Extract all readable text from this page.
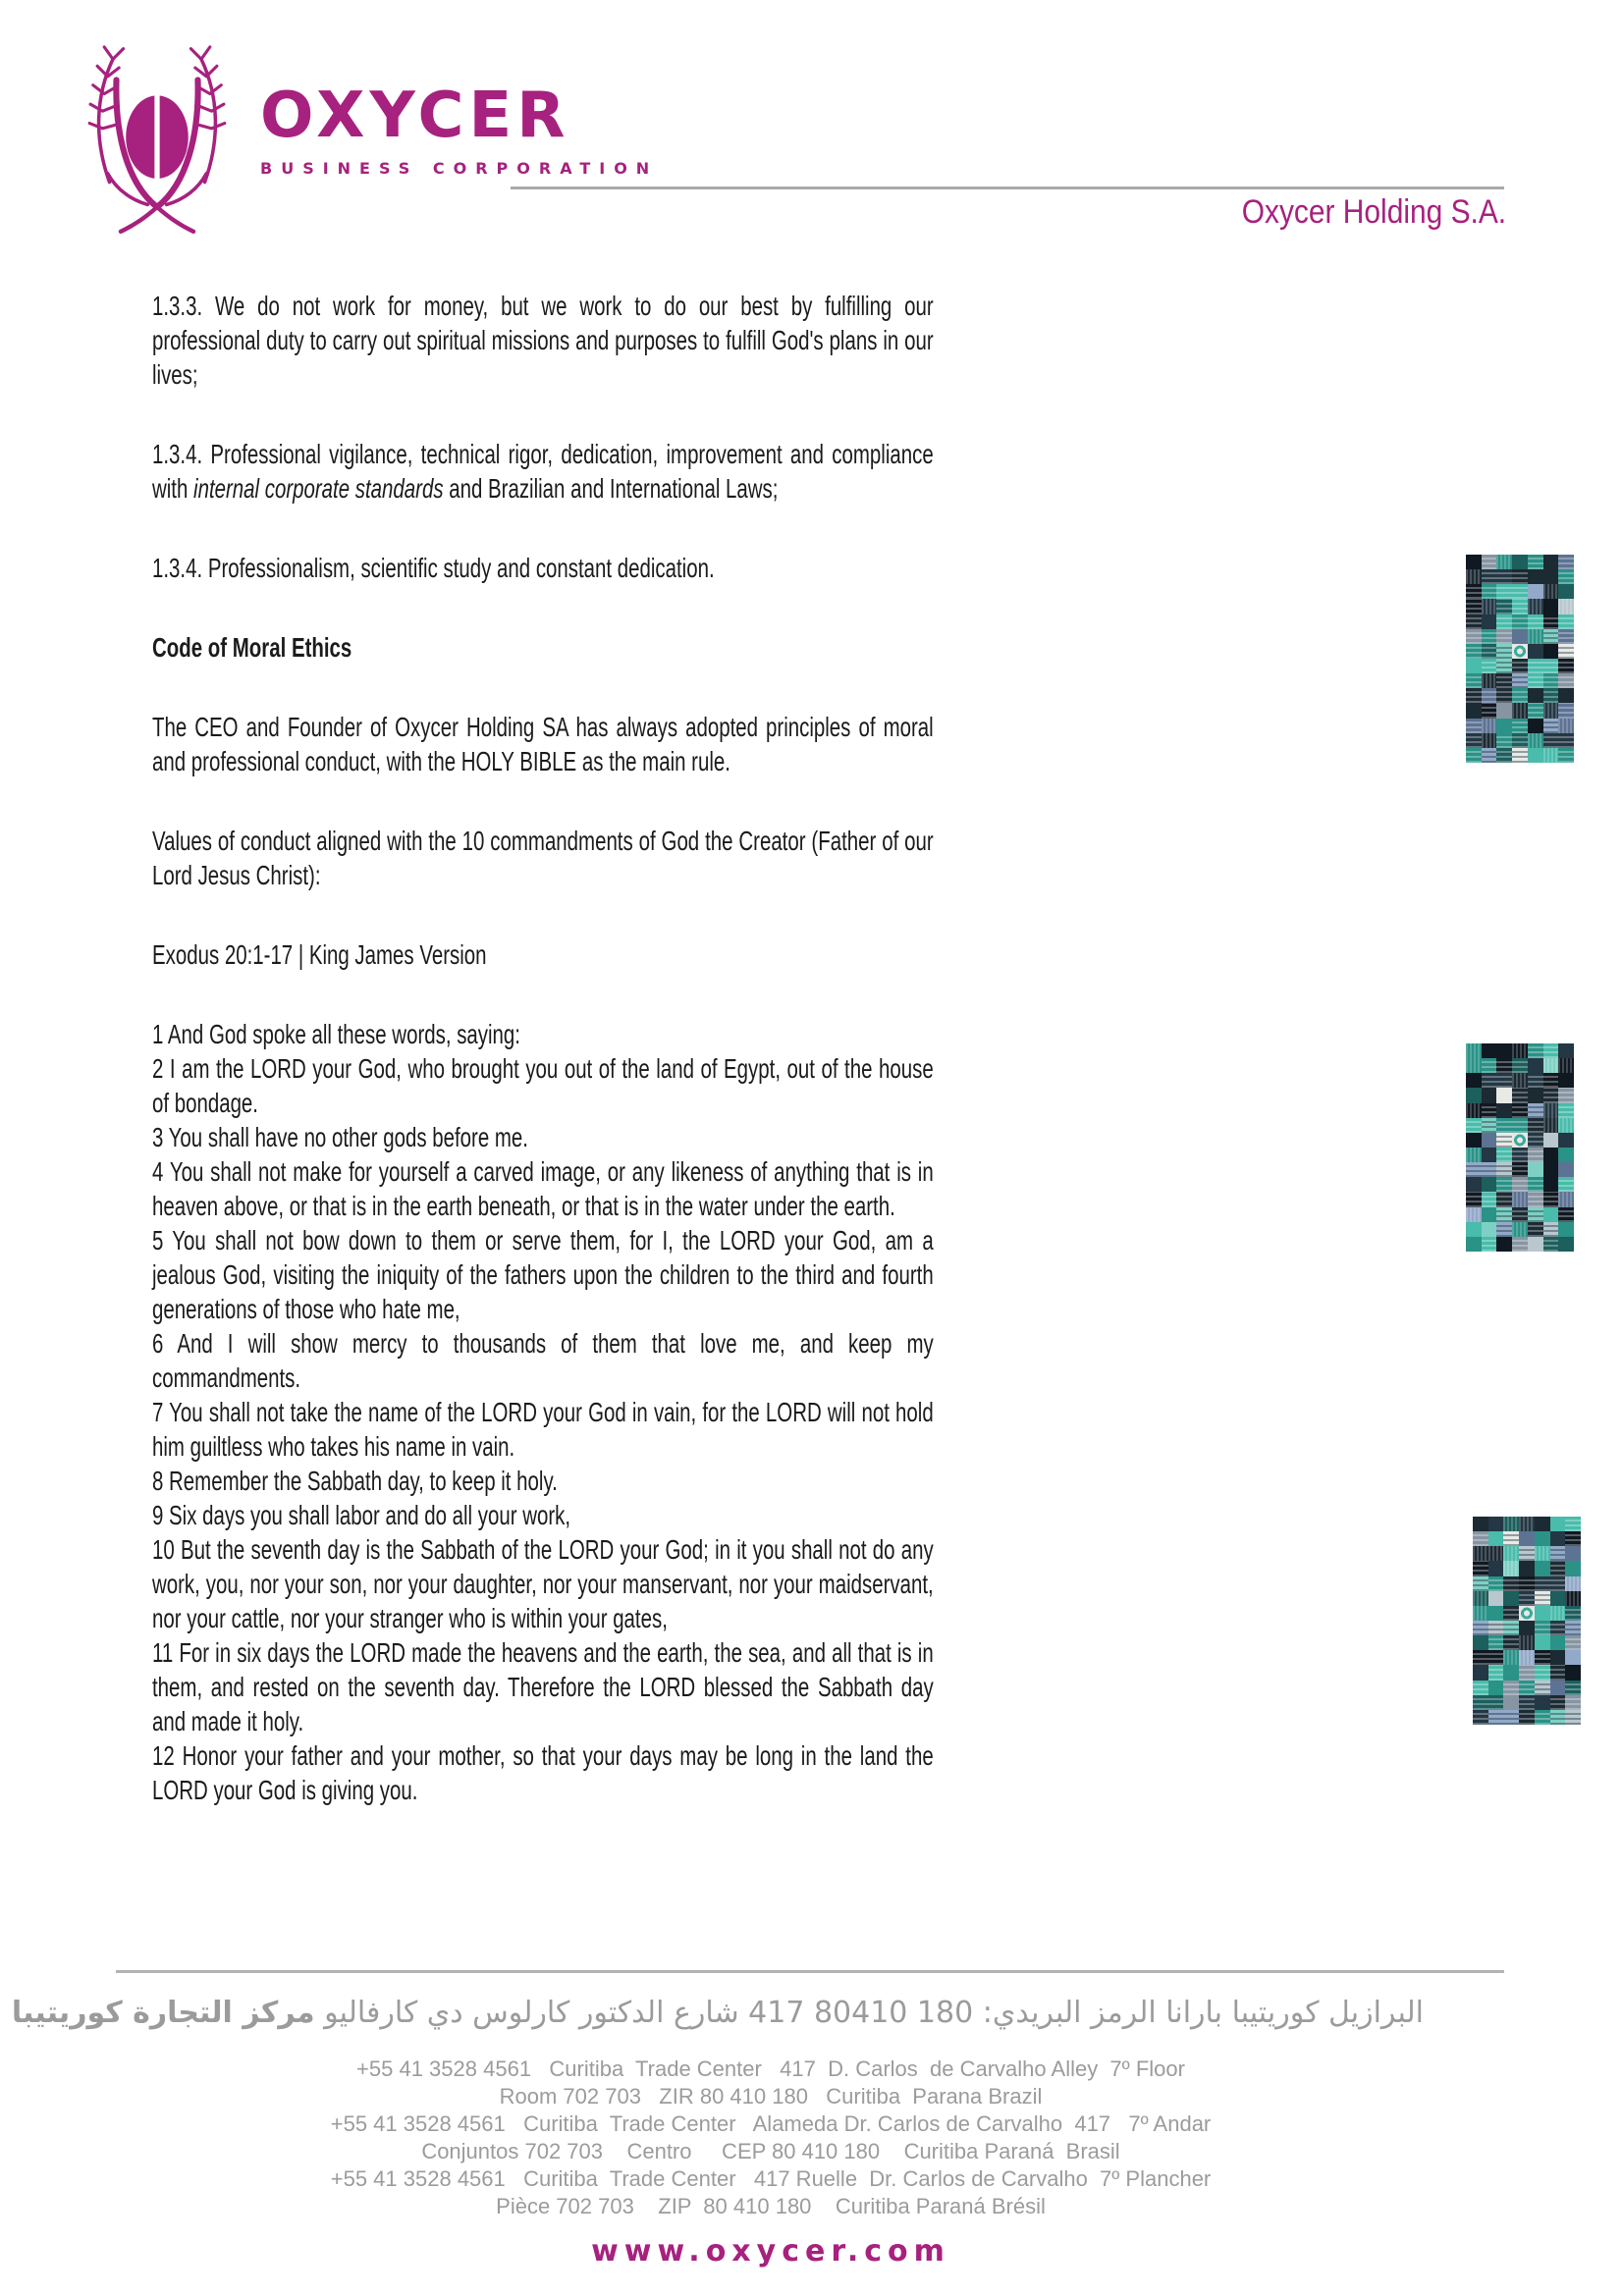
OXYCER
BUSINESS CORPORATION
Oxycer Holding S.A.

1.3.3. We do not work for money, but we work to do our best by fulfilling our professional duty to carry out spiritual missions and purposes to fulfill God's plans in our lives;

1.3.4. Professional vigilance, technical rigor, dedication, improvement and compliance with internal corporate standards and Brazilian and International Laws;

1.3.4. Professionalism, scientific study and constant dedication.

Code of Moral Ethics

The CEO and Founder of Oxycer Holding SA has always adopted principles of moral and professional conduct, with the HOLY BIBLE as the main rule.

Values of conduct aligned with the 10 commandments of God the Creator (Father of our Lord Jesus Christ):

Exodus 20:1-17 | King James Version

1 And God spoke all these words, saying:

2 I am the LORD your God, who brought you out of the land of Egypt, out of the house of bondage.

3 You shall have no other gods before me.

4 You shall not make for yourself a carved image, or any likeness of anything that is in heaven above, or that is in the earth beneath, or that is in the water under the earth.

5 You shall not bow down to them or serve them, for I, the LORD your God, am a jealous God, visiting the iniquity of the fathers upon the children to the third and fourth generations of those who hate me,

6 And I will show mercy to thousands of them that love me, and keep my commandments.

7 You shall not take the name of the LORD your God in vain, for the LORD will not hold him guiltless who takes his name in vain.

8 Remember the Sabbath day, to keep it holy.

9 Six days you shall labor and do all your work,

10 But the seventh day is the Sabbath of the LORD your God; in it you shall not do any work, you, nor your son, nor your daughter, nor your manservant, nor your maidservant, nor your cattle, nor your stranger who is within your gates,

11 For in six days the LORD made the heavens and the earth, the sea, and all that is in them, and rested on the seventh day. Therefore the LORD blessed the Sabbath day and made it holy.

12 Honor your father and your mother, so that your days may be long in the land the LORD your God is giving you.

البرازيل كوريتيبا بارانا الرمز البريدي: 417 80410 180 شارع الدكتور كارلوس دي كارفاليو مركز التجارة كوريتيبا
+55 41 3528 4561   Curitiba  Trade Center   417  D. Carlos  de Carvalho Alley  7º Floor
Room 702 703   ZIR 80 410 180   Curitiba  Parana Brazil
+55 41 3528 4561   Curitiba  Trade Center   Alameda Dr. Carlos de Carvalho  417   7º Andar
Conjuntos 702 703    Centro     CEP 80 410 180    Curitiba Paraná  Brasil
+55 41 3528 4561   Curitiba  Trade Center   417 Ruelle  Dr. Carlos de Carvalho  7º Plancher
Pièce 702 703    ZIP  80 410 180    Curitiba Paraná Brésil
www.oxycer.com
